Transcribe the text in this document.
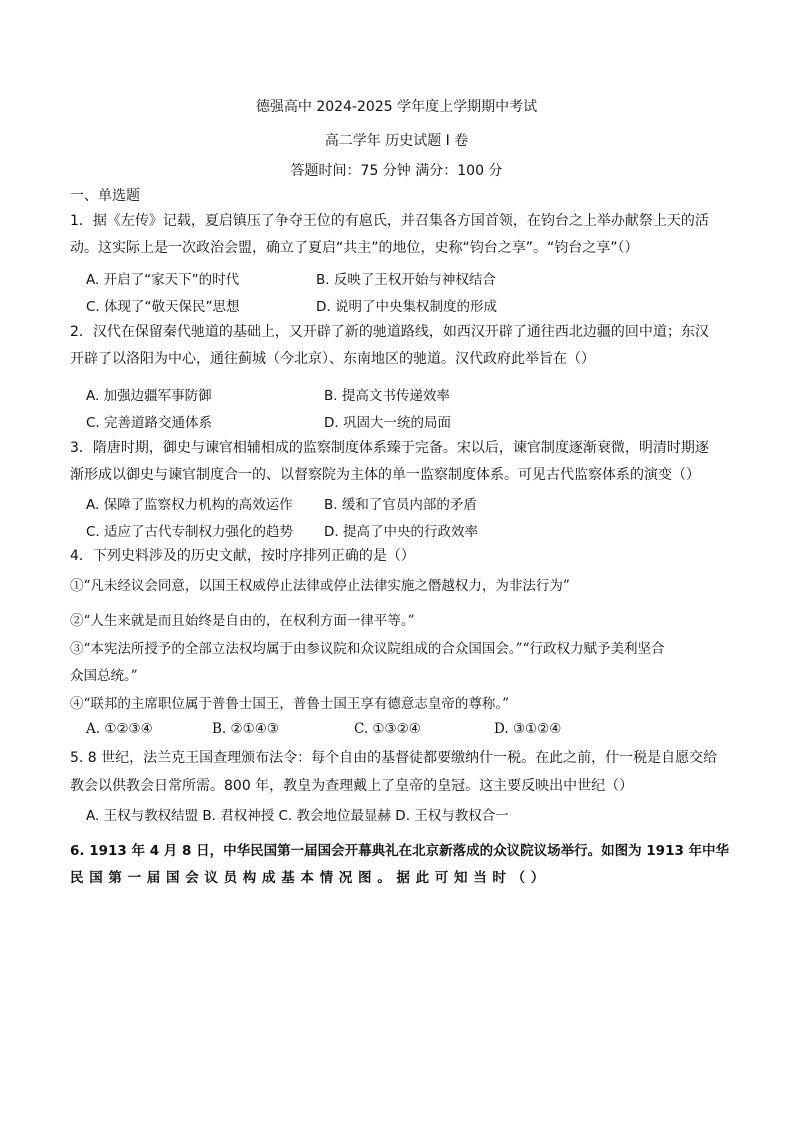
德强高中 2024-2025 学年度上学期期中考试
高二学年 历史试题 I 卷
答题时间：75 分钟 满分：100 分
一、单选题
1．据《左传》记载，夏启镇压了争夺王位的有扈氏，并召集各方国首领，在钧台之上举办献祭上天的活
动。这实际上是一次政治会盟，确立了夏启“共主”的地位，史称“钧台之享”。“钧台之享”（）
A. 开启了“家天下”的时代	B. 反映了王权开始与神权结合
C. 体现了“敬天保民”思想	D. 说明了中央集权制度的形成
2．汉代在保留秦代驰道的基础上，又开辟了新的驰道路线，如西汉开辟了通往西北边疆的回中道；东汉
开辟了以洛阳为中心，通往蓟城（今北京）、东南地区的驰道。汉代政府此举旨在（）
A. 加强边疆军事防御	B. 提高文书传递效率
C. 完善道路交通体系	D. 巩固大一统的局面
3．隋唐时期，御史与谏官相辅相成的监察制度体系臻于完备。宋以后，谏官制度逐渐衰微，明清时期逐
渐形成以御史与谏官制度合一的、以督察院为主体的单一监察制度体系。可见古代监察体系的演变（）
A. 保障了监察权力机构的高效运作 B. 缓和了官员内部的矛盾
C. 适应了古代专制权力强化的趋势 D. 提高了中央的行政效率
4．下列史料涉及的历史文献，按时序排列正确的是（）
①“凡未经议会同意，以国王权威停止法律或停止法律实施之僭越权力，为非法行为”
②“人生来就是而且始终是自由的，在权利方面一律平等。”
③“本宪法所授予的全部立法权均属于由参议院和众议院组成的合众国国会。”“行政权力赋予美利坚合
众国总统。”
④“联邦的主席职位属于普鲁士国王，普鲁士国王享有德意志皇帝的尊称。”
A. ①②③④	B. ②①④③	C. ①③②④	D. ③①②④
5. 8 世纪，法兰克王国查理颁布法令：每个自由的基督徒都要缴纳什一税。在此之前，什一税是自愿交给
教会以供教会日常所需。800 年，教皇为查理戴上了皇帝的皇冠。这主要反映出中世纪（）
A. 王权与教权结盟 B. 君权神授 C. 教会地位最显赫 D. 王权与教权合一
6. 1913 年 4 月 8 日，中华民国第一届国会开幕典礼在北京新落成的众议院议场举行。如图为 1913 年中华
民 国 第 一 届 国 会 议 员 构 成 基 本 情 况 图 。 据 此 可 知 当 时 （ ）
